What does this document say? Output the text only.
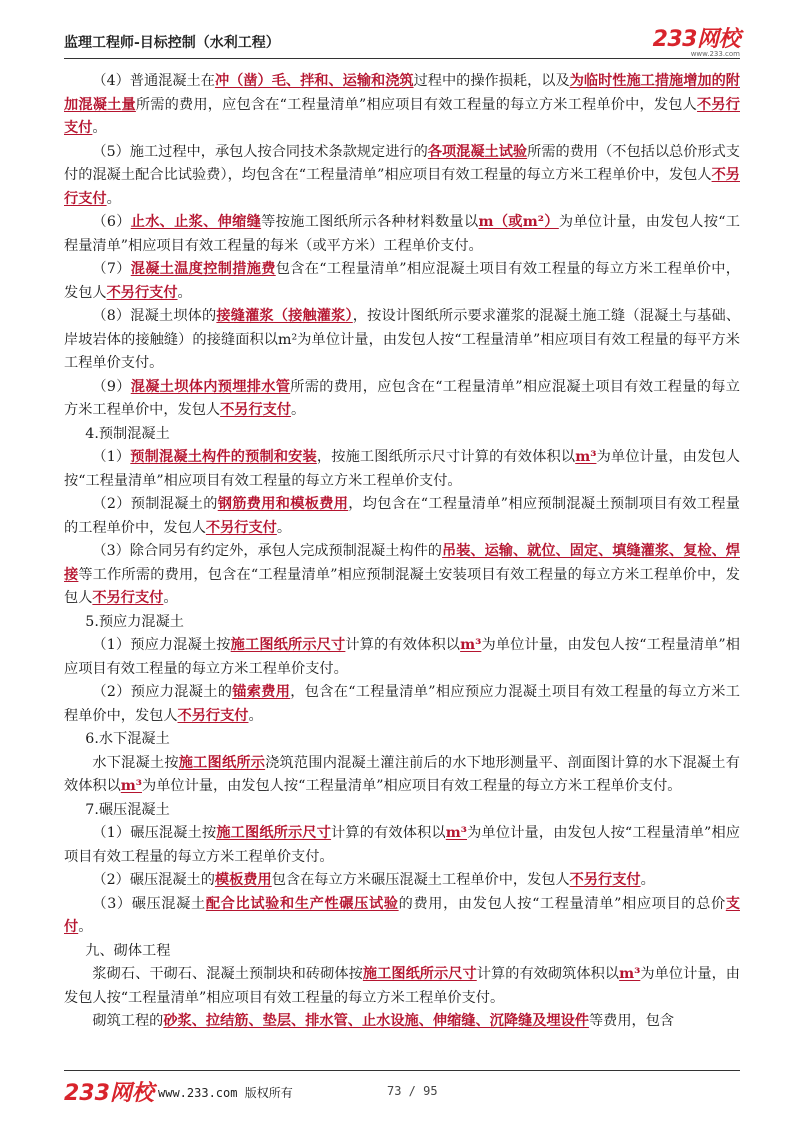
监理工程师-目标控制（水利工程）	233网校
www.233.com

（4）普通混凝土在冲（凿）毛、拌和、运输和浇筑过程中的操作损耗，以及为临时性施工措施增加的附加混凝土量所需的费用，应包含在“工程量清单”相应项目有效工程量的每立方米工程单价中，发包人不另行支付。

（5）施工过程中，承包人按合同技术条款规定进行的各项混凝土试验所需的费用（不包括以总价形式支付的混凝土配合比试验费），均包含在“工程量清单”相应项目有效工程量的每立方米工程单价中，发包人不另行支付。

（6）止水、止浆、伸缩缝等按施工图纸所示各种材料数量以m（或m²）为单位计量，由发包人按“工程量清单”相应项目有效工程量的每米（或平方米）工程单价支付。

（7）混凝土温度控制措施费包含在“工程量清单”相应混凝土项目有效工程量的每立方米工程单价中，发包人不另行支付。

（8）混凝土坝体的接缝灌浆（接触灌浆），按设计图纸所示要求灌浆的混凝土施工缝（混凝土与基础、岸坡岩体的接触缝）的接缝面积以m²为单位计量，由发包人按“工程量清单”相应项目有效工程量的每平方米工程单价支付。

（9）混凝土坝体内预埋排水管所需的费用，应包含在“工程量清单”相应混凝土项目有效工程量的每立方米工程单价中，发包人不另行支付。

4.预制混凝土

（1）预制混凝土构件的预制和安装，按施工图纸所示尺寸计算的有效体积以m³为单位计量，由发包人按“工程量清单”相应项目有效工程量的每立方米工程单价支付。

（2）预制混凝土的钢筋费用和模板费用，均包含在“工程量清单”相应预制混凝土预制项目有效工程量的工程单价中，发包人不另行支付。

（3）除合同另有约定外，承包人完成预制混凝土构件的吊装、运输、就位、固定、填缝灌浆、复检、焊接等工作所需的费用，包含在“工程量清单”相应预制混凝土安装项目有效工程量的每立方米工程单价中，发包人不另行支付。

5.预应力混凝土

（1）预应力混凝土按施工图纸所示尺寸计算的有效体积以m³为单位计量，由发包人按“工程量清单”相应项目有效工程量的每立方米工程单价支付。

（2）预应力混凝土的锚索费用，包含在“工程量清单”相应预应力混凝土项目有效工程量的每立方米工程单价中，发包人不另行支付。

6.水下混凝土

水下混凝土按施工图纸所示浇筑范围内混凝土灌注前后的水下地形测量平、剖面图计算的水下混凝土有效体积以m³为单位计量，由发包人按“工程量清单”相应项目有效工程量的每立方米工程单价支付。

7.碾压混凝土

（1）碾压混凝土按施工图纸所示尺寸计算的有效体积以m³为单位计量，由发包人按“工程量清单”相应项目有效工程量的每立方米工程单价支付。

（2）碾压混凝土的模板费用包含在每立方米碾压混凝土工程单价中，发包人不另行支付。

（3）碾压混凝土配合比试验和生产性碾压试验的费用，由发包人按“工程量清单”相应项目的总价支付。

九、砌体工程

浆砌石、干砌石、混凝土预制块和砖砌体按施工图纸所示尺寸计算的有效砌筑体积以m³为单位计量，由发包人按“工程量清单”相应项目有效工程量的每立方米工程单价支付。

砌筑工程的砂浆、拉结筋、垫层、排水管、止水设施、伸缩缝、沉降缝及埋设件等费用，包含

233网校 www.233.com 版权所有	73 / 95
